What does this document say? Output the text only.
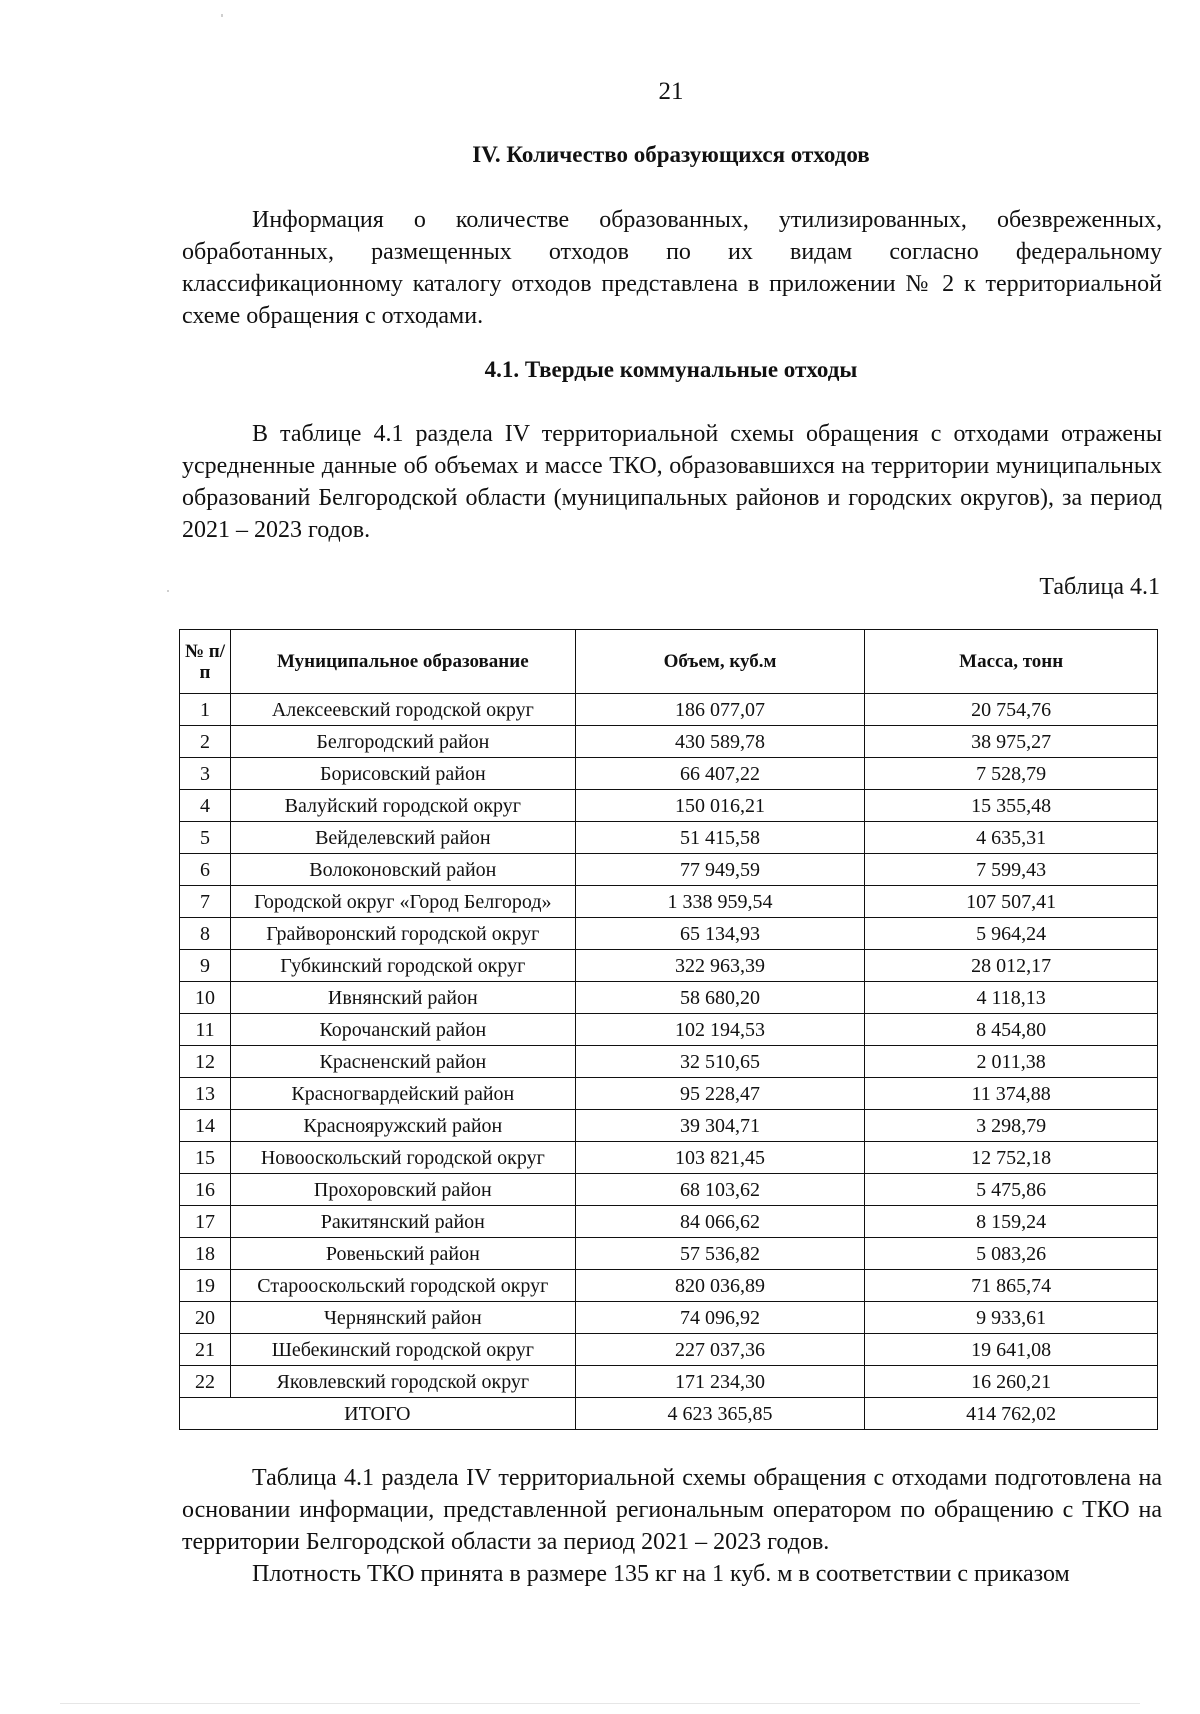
21
IV. Количество образующихся отходов

Информация о количестве образованных, утилизированных, обезвреженных, обработанных, размещенных отходов по их видам согласно федеральному классификационному каталогу отходов представлена в приложении № 2 к территориальной схеме обращения с отходами.

4.1. Твердые коммунальные отходы

В таблице 4.1 раздела IV территориальной схемы обращения с отходами отражены усредненные данные об объемах и массе ТКО, образовавшихся на территории муниципальных образований Белгородской области (муниципальных районов и городских округов), за период 2021 – 2023 годов.

Таблица 4.1
№ п/п	Муниципальное образование	Объем, куб.м	Масса, тонн
1	Алексеевский городской округ	186 077,07	20 754,76
2	Белгородский район	430 589,78	38 975,27
3	Борисовский район	66 407,22	7 528,79
4	Валуйский городской округ	150 016,21	15 355,48
5	Вейделевский район	51 415,58	4 635,31
6	Волоконовский район	77 949,59	7 599,43
7	Городской округ «Город Белгород»	1 338 959,54	107 507,41
8	Грайворонский городской округ	65 134,93	5 964,24
9	Губкинский городской округ	322 963,39	28 012,17
10	Ивнянский район	58 680,20	4 118,13
11	Корочанский район	102 194,53	8 454,80
12	Красненский район	32 510,65	2 011,38
13	Красногвардейский район	95 228,47	11 374,88
14	Краснояружский район	39 304,71	3 298,79
15	Новооскольский городской округ	103 821,45	12 752,18
16	Прохоровский район	68 103,62	5 475,86
17	Ракитянский район	84 066,62	8 159,24
18	Ровеньский район	57 536,82	5 083,26
19	Старооскольский городской округ	820 036,89	71 865,74
20	Чернянский район	74 096,92	9 933,61
21	Шебекинский городской округ	227 037,36	19 641,08
22	Яковлевский городской округ	171 234,30	16 260,21
ИТОГО		4 623 365,85	414 762,02

Таблица 4.1 раздела IV территориальной схемы обращения с отходами подготовлена на основании информации, представленной региональным оператором по обращению с ТКО на территории Белгородской области за период 2021 – 2023 годов.

Плотность ТКО принята в размере 135 кг на 1 куб. м в соответствии с приказом
